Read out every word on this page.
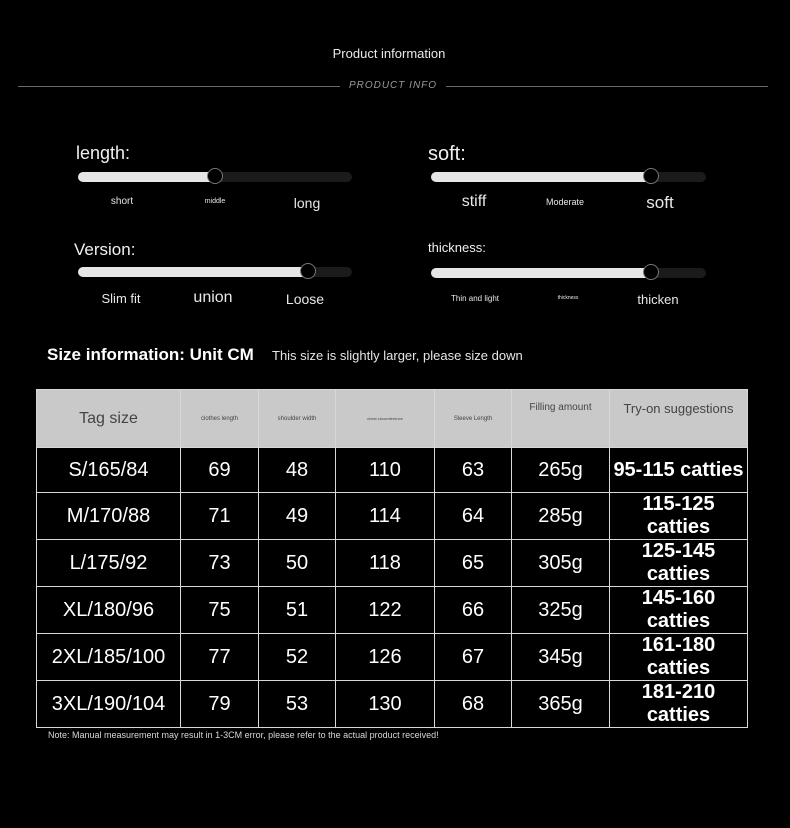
Product information
PRODUCT INFO
length:
short	middle	long
soft:
stiff	Moderate	soft
Version:
Slim fit	union	Loose
thickness:
Thin and light	thickness	thicken
Size information: Unit CM This size is slightly larger, please size down
Tag size	clothes length	shoulder width	chest circumference	Sleeve Length	Filling amount	Try-on suggestions
S/165/84	69	48	110	63	265g	95-115 catties
M/170/88	71	49	114	64	285g	115-125 catties
L/175/92	73	50	118	65	305g	125-145 catties
XL/180/96	75	51	122	66	325g	145-160 catties
2XL/185/100	77	52	126	67	345g	161-180 catties
3XL/190/104	79	53	130	68	365g	181-210 catties
Note: Manual measurement may result in 1-3CM error, please refer to the actual product received!
